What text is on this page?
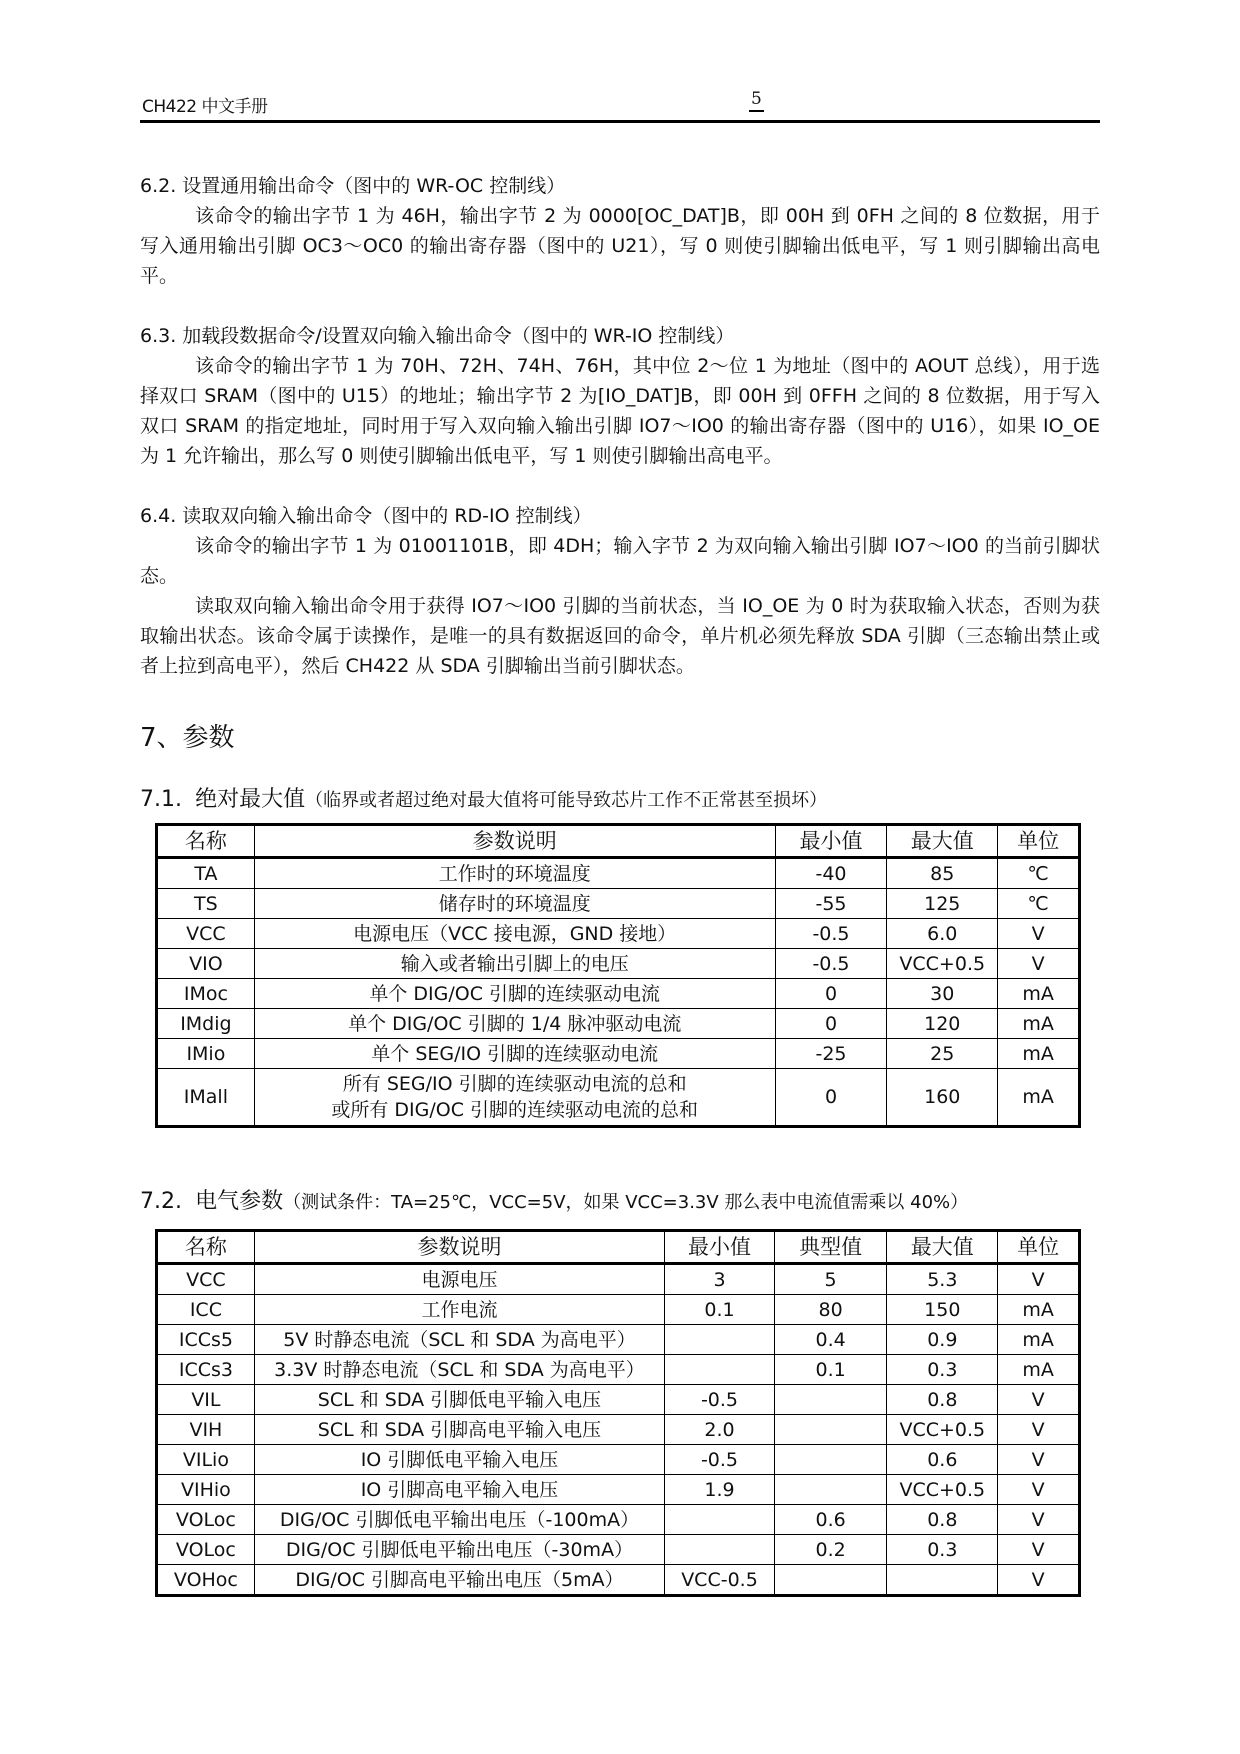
CH422 中文手册	5
6.2. 设置通用输出命令（图中的 WR-OC 控制线）
该命令的输出字节 1 为 46H，输出字节 2 为 0000[OC_DAT]B，即 00H 到 0FH 之间的 8 位数据，用于写入通用输出引脚 OC3～OC0 的输出寄存器（图中的 U21），写 0 则使引脚输出低电平，写 1 则引脚输出高电平。
6.3. 加载段数据命令/设置双向输入输出命令（图中的 WR-IO 控制线）
该命令的输出字节 1 为 70H、72H、74H、76H，其中位 2～位 1 为地址（图中的 AOUT 总线），用于选择双口 SRAM（图中的 U15）的地址；输出字节 2 为[IO_DAT]B，即 00H 到 0FFH 之间的 8 位数据，用于写入双口 SRAM 的指定地址，同时用于写入双向输入输出引脚 IO7～IO0 的输出寄存器（图中的 U16），如果 IO_OE 为 1 允许输出，那么写 0 则使引脚输出低电平，写 1 则使引脚输出高电平。
6.4. 读取双向输入输出命令（图中的 RD-IO 控制线）
该命令的输出字节 1 为 01001101B，即 4DH；输入字节 2 为双向输入输出引脚 IO7～IO0 的当前引脚状态。
读取双向输入输出命令用于获得 IO7～IO0 引脚的当前状态，当 IO_OE 为 0 时为获取输入状态，否则为获取输出状态。该命令属于读操作，是唯一的具有数据返回的命令，单片机必须先释放 SDA 引脚（三态输出禁止或者上拉到高电平），然后 CH422 从 SDA 引脚输出当前引脚状态。
7、参数
7.1. 绝对最大值（临界或者超过绝对最大值将可能导致芯片工作不正常甚至损坏）
名称	参数说明	最小值	最大值	单位
TA	工作时的环境温度	-40	85	℃
TS	储存时的环境温度	-55	125	℃
VCC	电源电压（VCC 接电源，GND 接地）	-0.5	6.0	V
VIO	输入或者输出引脚上的电压	-0.5	VCC+0.5	V
IMoc	单个 DIG/OC 引脚的连续驱动电流	0	30	mA
IMdig	单个 DIG/OC 引脚的 1/4 脉冲驱动电流	0	120	mA
IMio	单个 SEG/IO 引脚的连续驱动电流	-25	25	mA
IMall	所有 SEG/IO 引脚的连续驱动电流的总和
或所有 DIG/OC 引脚的连续驱动电流的总和	0	160	mA
7.2. 电气参数（测试条件：TA=25℃，VCC=5V，如果 VCC=3.3V 那么表中电流值需乘以 40%）
名称	参数说明	最小值	典型值	最大值	单位
VCC	电源电压	3	5	5.3	V
ICC	工作电流	0.1	80	150	mA
ICCs5	5V 时静态电流（SCL 和 SDA 为高电平）		0.4	0.9	mA
ICCs3	3.3V 时静态电流（SCL 和 SDA 为高电平）		0.1	0.3	mA
VIL	SCL 和 SDA 引脚低电平输入电压	-0.5		0.8	V
VIH	SCL 和 SDA 引脚高电平输入电压	2.0		VCC+0.5	V
VILio	IO 引脚低电平输入电压	-0.5		0.6	V
VIHio	IO 引脚高电平输入电压	1.9		VCC+0.5	V
VOLoc	DIG/OC 引脚低电平输出电压（-100mA）		0.6	0.8	V
VOLoc	DIG/OC 引脚低电平输出电压（-30mA）		0.2	0.3	V
VOHoc	DIG/OC 引脚高电平输出电压（5mA）	VCC-0.5			V
